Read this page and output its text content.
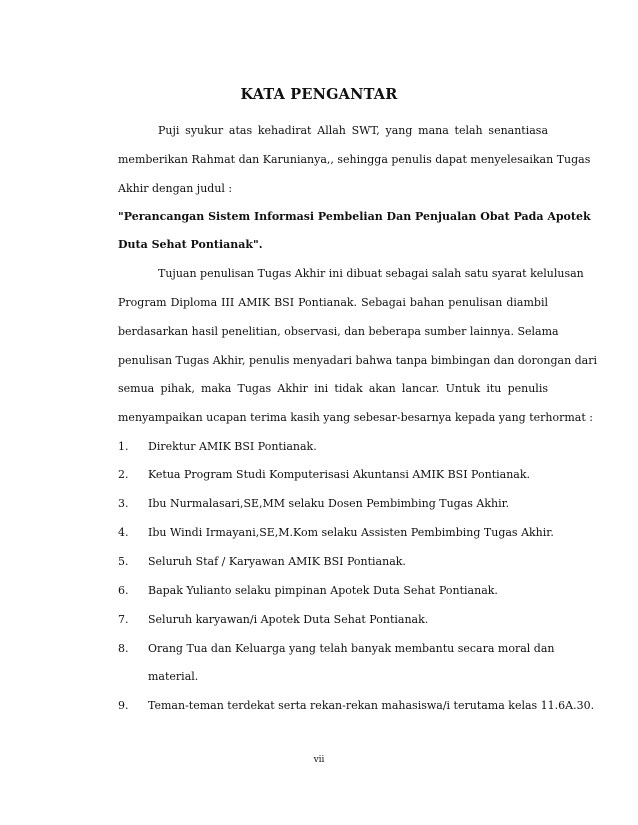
KATA PENGANTAR
Puji syukur atas kehadirat Allah SWT, yang mana telah senantiasa
memberikan Rahmat dan Karunianya,, sehingga penulis dapat menyelesaikan Tugas
Akhir dengan judul :
"Perancangan Sistem Informasi Pembelian Dan Penjualan Obat Pada Apotek
Duta Sehat Pontianak".
Tujuan penulisan Tugas Akhir ini dibuat sebagai salah satu syarat kelulusan
Program Diploma III AMIK BSI Pontianak. Sebagai bahan penulisan diambil
berdasarkan hasil penelitian, observasi, dan beberapa sumber lainnya. Selama
penulisan Tugas Akhir, penulis menyadari bahwa tanpa bimbingan dan dorongan dari
semua pihak, maka Tugas Akhir ini tidak akan lancar. Untuk itu penulis
menyampaikan ucapan terima kasih yang sebesar-besarnya kepada yang terhormat :
1. Direktur AMIK BSI Pontianak.
2. Ketua Program Studi Komputerisasi Akuntansi AMIK BSI Pontianak.
3. Ibu Nurmalasari,SE,MM selaku Dosen Pembimbing Tugas Akhir.
4. Ibu Windi Irmayani,SE,M.Kom selaku Assisten Pembimbing Tugas Akhir.
5. Seluruh Staf / Karyawan AMIK BSI Pontianak.
6. Bapak Yulianto selaku pimpinan Apotek Duta Sehat Pontianak.
7. Seluruh karyawan/i Apotek Duta Sehat Pontianak.
8. Orang Tua dan Keluarga yang telah banyak membantu secara moral dan
material.
9. Teman-teman terdekat serta rekan-rekan mahasiswa/i terutama kelas 11.6A.30.
vii
